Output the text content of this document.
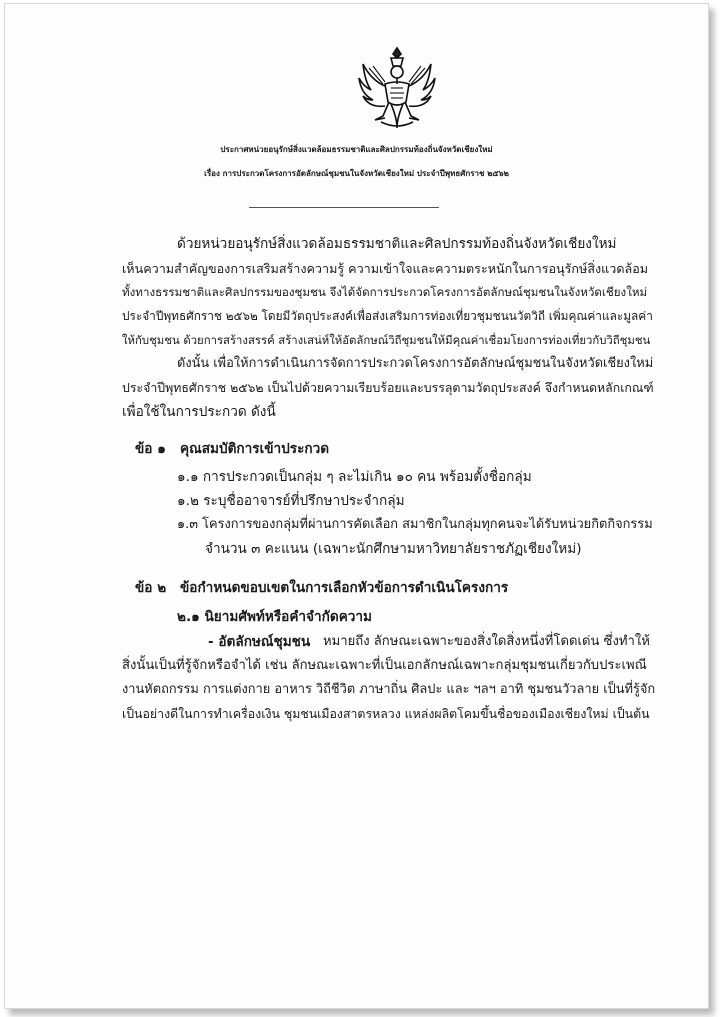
ประกาศหน่วยอนุรักษ์สิ่งแวดล้อมธรรมชาติและศิลปกรรมท้องถิ่นจังหวัดเชียงใหม่
เรื่อง การประกวดโครงการอัตลักษณ์ชุมชนในจังหวัดเชียงใหม่ ประจำปีพุทธศักราช ๒๕๖๒
ด้วยหน่วยอนุรักษ์สิ่งแวดล้อมธรรมชาติและศิลปกรรมท้องถิ่นจังหวัดเชียงใหม่
เห็นความสำคัญของการเสริมสร้างความรู้ ความเข้าใจและความตระหนักในการอนุรักษ์สิ่งแวดล้อม
ทั้งทางธรรมชาติและศิลปกรรมของชุมชน จึงได้จัดการประกวดโครงการอัตลักษณ์ชุมชนในจังหวัดเชียงใหม่
ประจำปีพุทธศักราช ๒๕๖๒ โดยมีวัตถุประสงค์เพื่อส่งเสริมการท่องเที่ยวชุมชนนวัตวิถี เพิ่มคุณค่าและมูลค่า
ให้กับชุมชน ด้วยการสร้างสรรค์ สร้างเสน่ห์ให้อัตลักษณ์วิถีชุมชนให้มีคุณค่าเชื่อมโยงการท่องเที่ยวกับวิถีชุมชน
ดังนั้น เพื่อให้การดำเนินการจัดการประกวดโครงการอัตลักษณ์ชุมชนในจังหวัดเชียงใหม่
ประจำปีพุทธศักราช ๒๕๖๒ เป็นไปด้วยความเรียบร้อยและบรรลุตามวัตถุประสงค์ จึงกำหนดหลักเกณฑ์
เพื่อใช้ในการประกวด ดังนี้
ข้อ ๑ คุณสมบัติการเข้าประกวด
๑.๑ การประกวดเป็นกลุ่ม ๆ ละไม่เกิน ๑๐ คน พร้อมตั้งชื่อกลุ่ม
๑.๒ ระบุชื่ออาจารย์ที่ปรึกษาประจำกลุ่ม
๑.๓ โครงการของกลุ่มที่ผ่านการคัดเลือก สมาชิกในกลุ่มทุกคนจะได้รับหน่วยกิตกิจกรรม
จำนวน ๓ คะแนน (เฉพาะนักศึกษามหาวิทยาลัยราชภัฏเชียงใหม่)
ข้อ ๒ ข้อกำหนดขอบเขตในการเลือกหัวข้อการดำเนินโครงการ
๒.๑ นิยามศัพท์หรือคำจำกัดความ
- อัตลักษณ์ชุมชน หมายถึง ลักษณะเฉพาะของสิ่งใดสิ่งหนึ่งที่โดดเด่น ซึ่งทำให้
สิ่งนั้นเป็นที่รู้จักหรือจำได้ เช่น ลักษณะเฉพาะที่เป็นเอกลักษณ์เฉพาะกลุ่มชุมชนเกี่ยวกับประเพณี
งานหัตถกรรม การแต่งกาย อาหาร วิถีชีวิต ภาษาถิ่น ศิลปะ และ ฯลฯ อาทิ ชุมชนวัวลาย เป็นที่รู้จัก
เป็นอย่างดีในการทำเครื่องเงิน ชุมชนเมืองสาตรหลวง แหล่งผลิตโคมขึ้นชื่อของเมืองเชียงใหม่ เป็นต้น
